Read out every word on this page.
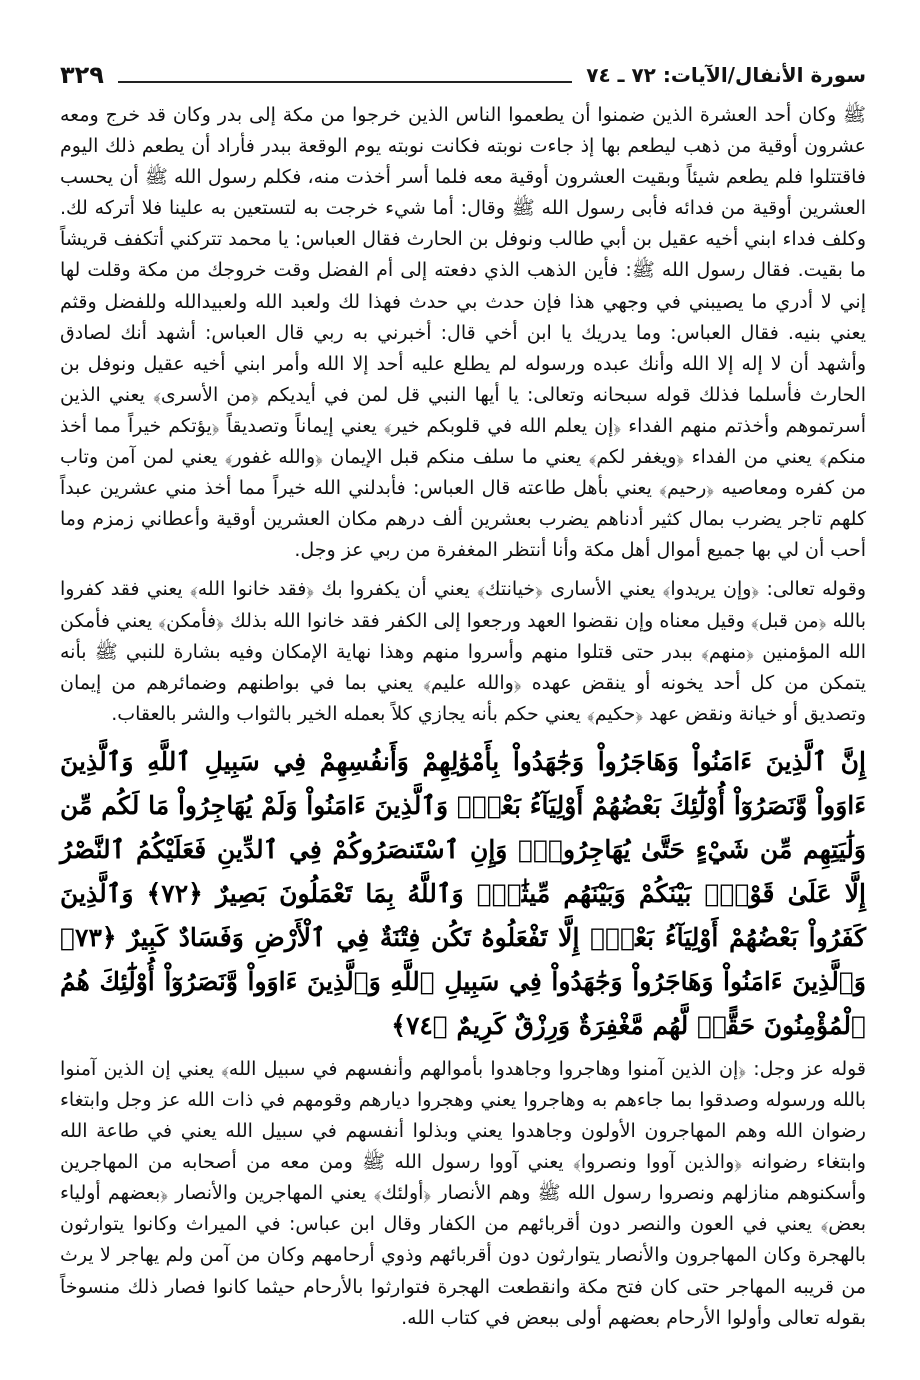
سورة الأنفال/الآيات: ٧٢ ـ ٧٤
٣٢٩

ﷺ وكان أحد العشرة الذين ضمنوا أن يطعموا الناس الذين خرجوا من مكة إلى بدر وكان قد خرج ومعه عشرون أوقية من ذهب ليطعم بها إذ جاءت نوبته فكانت نوبته يوم الوقعة ببدر فأراد أن يطعم ذلك اليوم فاقتتلوا فلم يطعم شيئاً وبقيت العشرون أوقية معه فلما أسر أخذت منه، فكلم رسول الله ﷺ أن يحسب العشرين أوقية من فدائه فأبى رسول الله ﷺ وقال: أما شيء خرجت به لتستعين به علينا فلا أتركه لك. وكلف فداء ابني أخيه عقيل بن أبي طالب ونوفل بن الحارث فقال العباس: يا محمد تتركني أتكفف قريشاً ما بقيت. فقال رسول الله ﷺ: فأين الذهب الذي دفعته إلى أم الفضل وقت خروجك من مكة وقلت لها إني لا أدري ما يصيبني في وجهي هذا فإن حدث بي حدث فهذا لك ولعبد الله ولعبيدالله وللفضل وقثم يعني بنيه. فقال العباس: وما يدريك يا ابن أخي قال: أخبرني به ربي قال العباس: أشهد أنك لصادق وأشهد أن لا إله إلا الله وأنك عبده ورسوله لم يطلع عليه أحد إلا الله وأمر ابني أخيه عقيل ونوفل بن الحارث فأسلما فذلك قوله سبحانه وتعالى: يا أيها النبي قل لمن في أيديكم ﴿من الأسرى﴾ يعني الذين أسرتموهم وأخذتم منهم الفداء ﴿إن يعلم الله في قلوبكم خير﴾ يعني إيماناً وتصديقاً ﴿يؤتكم خيراً مما أخذ منكم﴾ يعني من الفداء ﴿ويغفر لكم﴾ يعني ما سلف منكم قبل الإيمان ﴿والله غفور﴾ يعني لمن آمن وتاب من كفره ومعاصيه ﴿رحيم﴾ يعني بأهل طاعته قال العباس: فأبدلني الله خيراً مما أخذ مني عشرين عبداً كلهم تاجر يضرب بمال كثير أدناهم يضرب بعشرين ألف درهم مكان العشرين أوقية وأعطاني زمزم وما أحب أن لي بها جميع أموال أهل مكة وأنا أنتظر المغفرة من ربي عز وجل.

وقوله تعالى: ﴿وإن يريدوا﴾ يعني الأسارى ﴿خيانتك﴾ يعني أن يكفروا بك ﴿فقد خانوا الله﴾ يعني فقد كفروا بالله ﴿من قبل﴾ وقيل معناه وإن نقضوا العهد ورجعوا إلى الكفر فقد خانوا الله بذلك ﴿فأمكن﴾ يعني فأمكن الله المؤمنين ﴿منهم﴾ ببدر حتى قتلوا منهم وأسروا منهم وهذا نهاية الإمكان وفيه بشارة للنبي ﷺ بأنه يتمكن من كل أحد يخونه أو ينقض عهده ﴿والله عليم﴾ يعني بما في بواطنهم وضمائرهم من إيمان وتصديق أو خيانة ونقض عهد ﴿حكيم﴾ يعني حكم بأنه يجازي كلاً بعمله الخير بالثواب والشر بالعقاب.

إِنَّ ٱلَّذِينَ ءَامَنُواْ وَهَاجَرُواْ وَجَٰهَدُواْ بِأَمْوَٰلِهِمْ وَأَنفُسِهِمْ فِي سَبِيلِ ٱللَّهِ وَٱلَّذِينَ ءَاوَواْ وَّنَصَرُوٓاْ أُوْلَٰٓئِكَ بَعْضُهُمْ أَوْلِيَآءُ بَعْضٍۚ وَٱلَّذِينَ ءَامَنُواْ وَلَمْ يُهَاجِرُواْ مَا لَكُم مِّن وَلَٰيَتِهِم مِّن شَيْءٍ حَتَّىٰ يُهَاجِرُواْۚ وَإِنِ ٱسْتَنصَرُوكُمْ فِي ٱلدِّينِ فَعَلَيْكُمُ ٱلنَّصْرُ إِلَّا عَلَىٰ قَوْمِۭ بَيْنَكُمْ وَبَيْنَهُم مِّيثَٰقٌۗ وَٱللَّهُ بِمَا تَعْمَلُونَ بَصِيرٌ ﴿٧٢﴾ وَٱلَّذِينَ كَفَرُواْ بَعْضُهُمْ أَوْلِيَآءُ بَعْضٍۚ إِلَّا تَفْعَلُوهُ تَكُن فِتْنَةٌ فِي ٱلْأَرْضِ وَفَسَادٌ كَبِيرٌ ﴿٧٣﴾ وَٱلَّذِينَ ءَامَنُواْ وَهَاجَرُواْ وَجَٰهَدُواْ فِي سَبِيلِ ٱللَّهِ وَٱلَّذِينَ ءَاوَواْ وَّنَصَرُوٓاْ أُوْلَٰٓئِكَ هُمُ ٱلْمُؤْمِنُونَ حَقًّاۚ لَّهُم مَّغْفِرَةٌ وَرِزْقٌ كَرِيمٌ ﴿٧٤﴾

قوله عز وجل: ﴿إن الذين آمنوا وهاجروا وجاهدوا بأموالهم وأنفسهم في سبيل الله﴾ يعني إن الذين آمنوا بالله ورسوله وصدقوا بما جاءهم به وهاجروا يعني وهجروا ديارهم وقومهم في ذات الله عز وجل وابتغاء رضوان الله وهم المهاجرون الأولون وجاهدوا يعني وبذلوا أنفسهم في سبيل الله يعني في طاعة الله وابتغاء رضوانه ﴿والذين آووا ونصروا﴾ يعني آووا رسول الله ﷺ ومن معه من أصحابه من المهاجرين وأسكنوهم منازلهم ونصروا رسول الله ﷺ وهم الأنصار ﴿أولئك﴾ يعني المهاجرين والأنصار ﴿بعضهم أولياء بعض﴾ يعني في العون والنصر دون أقربائهم من الكفار وقال ابن عباس: في الميراث وكانوا يتوارثون بالهجرة وكان المهاجرون والأنصار يتوارثون دون أقربائهم وذوي أرحامهم وكان من آمن ولم يهاجر لا يرث من قريبه المهاجر حتى كان فتح مكة وانقطعت الهجرة فتوارثوا بالأرحام حيثما كانوا فصار ذلك منسوخاً بقوله تعالى وأولوا الأرحام بعضهم أولى ببعض في كتاب الله.
